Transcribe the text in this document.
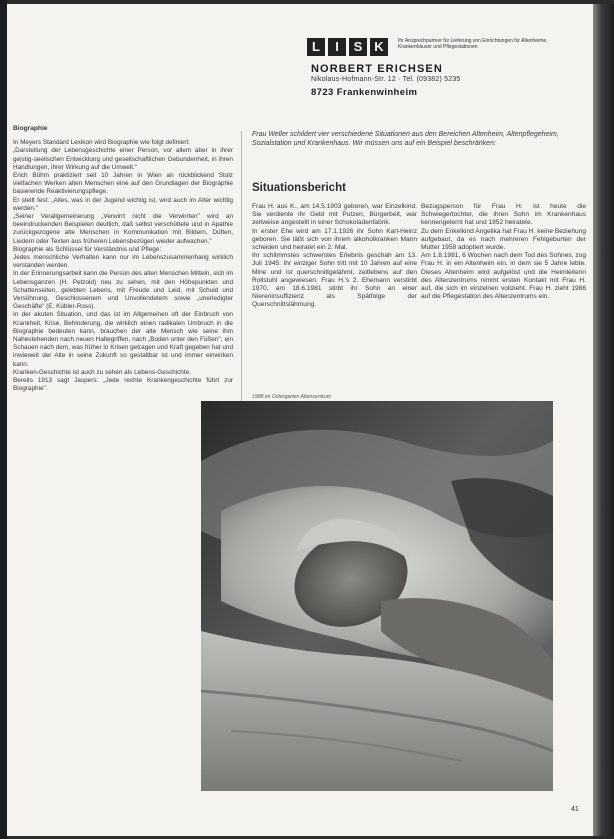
L	I	S K	Ihr Ansprechpartner für Lieferung von Einrichtungen für Altenheime, Krankenhäuser und Pflegestationen
NORBERT ERICHSEN
Nikolaus-Hofmann-Str. 12 · Tel. (09382) 5235
8723 Frankenwinheim
Biographie

In Meyers Standard Lexikon wird Biographie wie folgt definiert:

„Darstellung der Lebensgeschichte einer Person, vor allem aber in ihrer geistig-seelischen Entwicklung und gesellschaftlichen Gebundenheit, in ihren Handlungen, ihrer Wirkung auf die Umwelt."

Erich Böhm praktiziert seit 10 Jahren in Wien an rückblickend Stolz vielfachen Werken alten Menschen eine auf den Grundlagen der Biographie basierende Reaktivierungspflege.

Er stellt fest: „Alles, was in der Jugend wichtig ist, wird auch im Alter wichtig werden."

„Seiner Verallgemeinerung „Verwirrt nicht die Verwirrten" wird an beeindruckenden Beispielen deutlich, daß selbst verschüttete und in Apathie zurückgezogene alte Menschen in Kommunikation mit Bildern, Düften, Liedern oder Texten aus früheren Lebensbezügen wieder aufwachen."

Biographie als Schlüssel für Verständnis und Pflege:

Jedes menschliche Verhalten kann nur im Lebenszusammenhang wirklich verstanden werden.

In der Erinnerungsarbeit kann die Person des alten Menschen Mitteln, sich im Lebensganzen (H. Petzold) neu zu sehen, mit den Höhepunkten und Schattenseiten, gelebten Lebens, mit Freude und Leid, mit Schuld und Versöhnung, Geschlossenem und Unvollendetem sowie „unerledigter Geschäfte" (E. Kübler-Ross).

In der akuten Situation, und das ist im Allgemeinen oft der Einbruch von Krankheit, Krise, Behinderung, die wirklich einen radikalen Umbruch in die Biographie bedeuten kann, brauchen der alte Mensch wie seine ihm Nahestehenden nach neuen Haltegriffen, nach „Boden unter den Füßen", ein Schauen nach dem, was früher in Krisen getragen und Kraft gegeben hat und inwieweit der Alte in seine Zukunft so gestaltbar ist und immer einwirken kann.

Kranken-Geschichte ist auch zu sehen als Lebens-Geschichte.

Bereits 1913 sagt Jaspers: „Jede rechte Krankengeschichte führt zur Biographie".

Frau Weller schildert vier verschiedene Situationen aus den Bereichen Altenheim, Altenpflegeheim, Sozialstation und Krankenhaus. Wir müssen uns auf ein Beispiel beschränken:

Situationsbericht

Frau H. aus K., am 14.5.1903 geboren, war Einzelkind. Sie verdiente ihr Geld mit Putzen, Bürgerbeit, war zeitweise angestellt in einer Schokoladenfabrik.

In erster Ehe wird am 17.1.1926 ihr Sohn Karl-Heinz geboren. Sie läßt sich von ihrem alkoholkranken Mann scheiden und heiratet ein 2. Mal.

Ihr schlimmstes schwerstes Erlebnis geschah am 13. Juli 1945: Ihr einziger Sohn tritt mit 10 Jahren auf eine Mine und ist querschnittgelähmt, zeitlebens auf den Rollstuhl angewiesen. Frau H.'s 2. Ehemann verstirbt 1970, am 18.6.1981 stirbt ihr Sohn an einer Niereninsuffizienz als Spätfolge der Querschnittslähmung.

Bezugsperson für Frau H. ist heute die Schwiegertochter, die ihren Sohn im Krankenhaus kennengelernt hat und 1952 heiratete.

Zu dem Enkelkind Angelika hat Frau H. keine Beziehung aufgebaut, da es nach mehreren Fehlgeburten der Mutter 1958 adoptiert wurde.

Am 1.8.1981, 6 Wochen nach dem Tod des Sohnes, zog Frau H. in ein Altenheim ein, in dem sie 5 Jahre lebte. Dieses Altenheim wird aufgelöst und die Heimleiterin des Altenzentrums nimmt ersten Kontakt mit Frau H. auf, die sich im einzelnen vollzieht. Frau H. zieht 1986 auf die Pflegestation des Altenzentrums ein.

1988 im Ostergarten Altenzentrum
41
